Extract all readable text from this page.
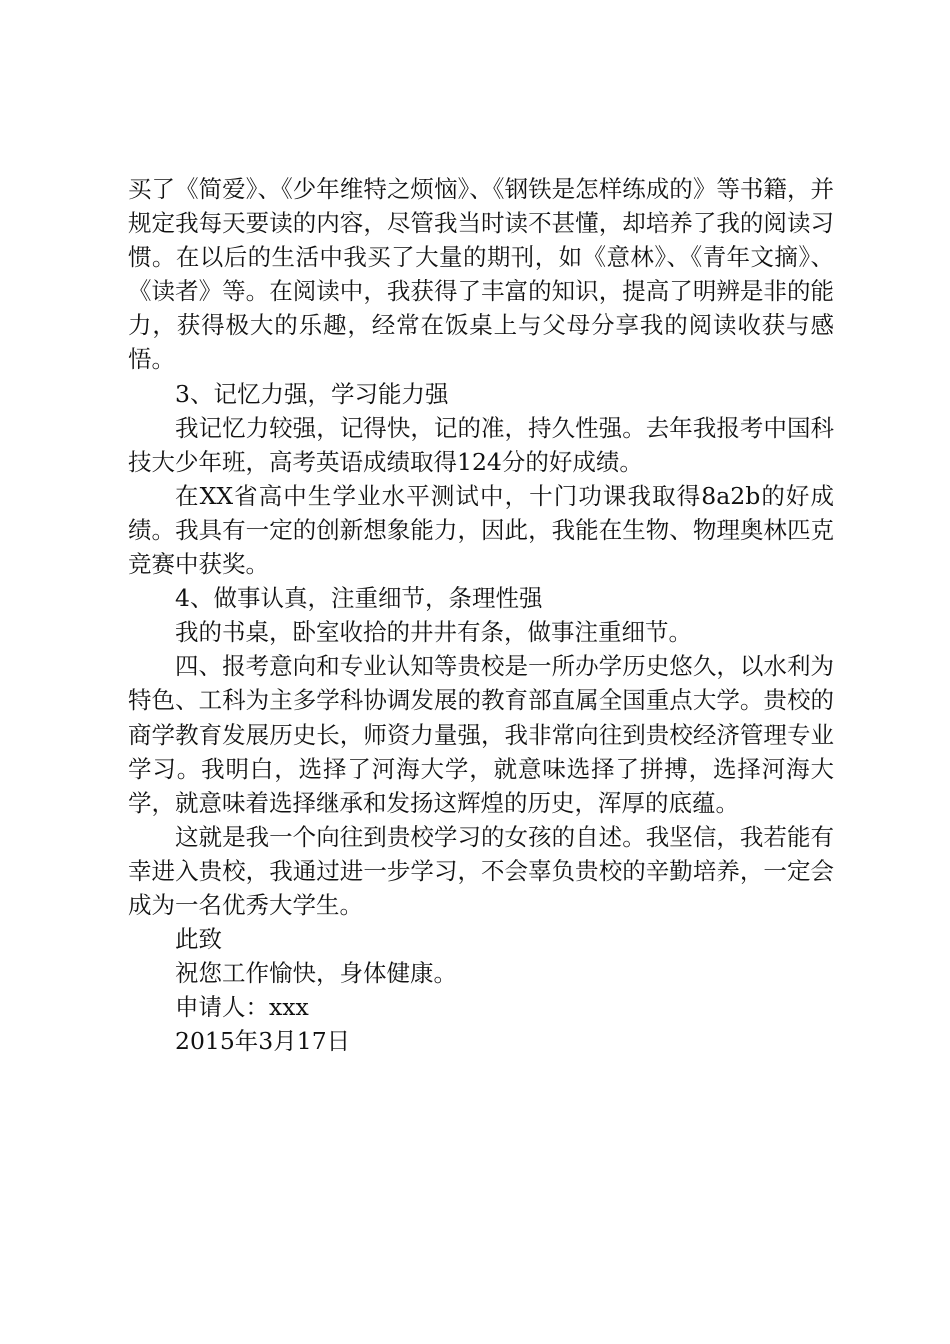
买了《简爱》、《少年维特之烦恼》、《钢铁是怎样练成的》等书籍，并规定我每天要读的内容，尽管我当时读不甚懂，却培养了我的阅读习惯。在以后的生活中我买了大量的期刊，如《意林》、《青年文摘》、《读者》等。在阅读中，我获得了丰富的知识，提高了明辨是非的能力，获得极大的乐趣，经常在饭桌上与父母分享我的阅读收获与感悟。

3、记忆力强，学习能力强

我记忆力较强，记得快，记的准，持久性强。去年我报考中国科技大少年班，高考英语成绩取得124分的好成绩。

在XX省高中生学业水平测试中，十门功课我取得8a2b的好成绩。我具有一定的创新想象能力，因此，我能在生物、物理奥林匹克竞赛中获奖。

4、做事认真，注重细节，条理性强

我的书桌，卧室收拾的井井有条，做事注重细节。

四、报考意向和专业认知等贵校是一所办学历史悠久，以水利为特色、工科为主多学科协调发展的教育部直属全国重点大学。贵校的商学教育发展历史长，师资力量强，我非常向往到贵校经济管理专业学习。我明白，选择了河海大学，就意味选择了拼搏，选择河海大学，就意味着选择继承和发扬这辉煌的历史，浑厚的底蕴。

这就是我一个向往到贵校学习的女孩的自述。我坚信，我若能有幸进入贵校，我通过进一步学习，不会辜负贵校的辛勤培养，一定会成为一名优秀大学生。

此致

祝您工作愉快，身体健康。

申请人：xxx

2015年3月17日
